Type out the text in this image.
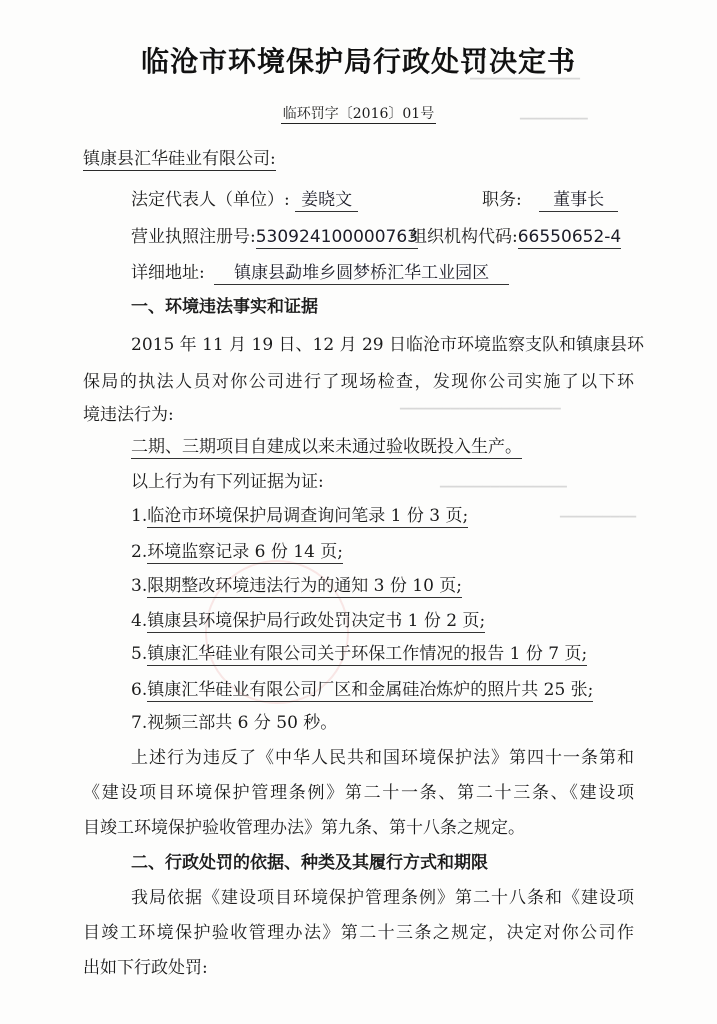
▔▔▔▔▔▔▔▔▔▔▔▔▔
▔▔▔▔▔▔▔▔
▔▔▔▔▔▔▔▔▔▔▔▔▔▔▔▔▔▔▔
▔▔▔▔▔▔▔▔▔▔▔▔▔▔▔
▔▔▔▔▔▔▔▔▔
临沧市环境保护局行政处罚决定书
临环罚字〔2016〕01号
镇康县汇华硅业有限公司:
法定代表人（单位）: 姜晓文	职务: 董事长
营业执照注册号:530924100000763
组织机构代码:66550652-4
详细地址: 镇康县勐堆乡圆梦桥汇华工业园区
一、环境违法事实和证据
2015 年 11 月 19 日、12 月 29 日临沧市环境监察支队和镇康县环
保局的执法人员对你公司进行了现场检查，发现你公司实施了以下环
境违法行为:
二期、三期项目自建成以来未通过验收既投入生产。
以上行为有下列证据为证:
1.临沧市环境保护局调查询问笔录 1 份 3 页;
2.环境监察记录 6 份 14 页;
3.限期整改环境违法行为的通知 3 份 10 页;
4.镇康县环境保护局行政处罚决定书 1 份 2 页;
5.镇康汇华硅业有限公司关于环保工作情况的报告 1 份 7 页;
6.镇康汇华硅业有限公司厂区和金属硅冶炼炉的照片共 25 张;
7.视频三部共 6 分 50 秒。
上述行为违反了《中华人民共和国环境保护法》第四十一条第和
《建设项目环境保护管理条例》第二十一条、第二十三条、《建设项
目竣工环境保护验收管理办法》第九条、第十八条之规定。
二、行政处罚的依据、种类及其履行方式和期限
我局依据《建设项目环境保护管理条例》第二十八条和《建设项
目竣工环境保护验收管理办法》第二十三条之规定，决定对你公司作
出如下行政处罚:
